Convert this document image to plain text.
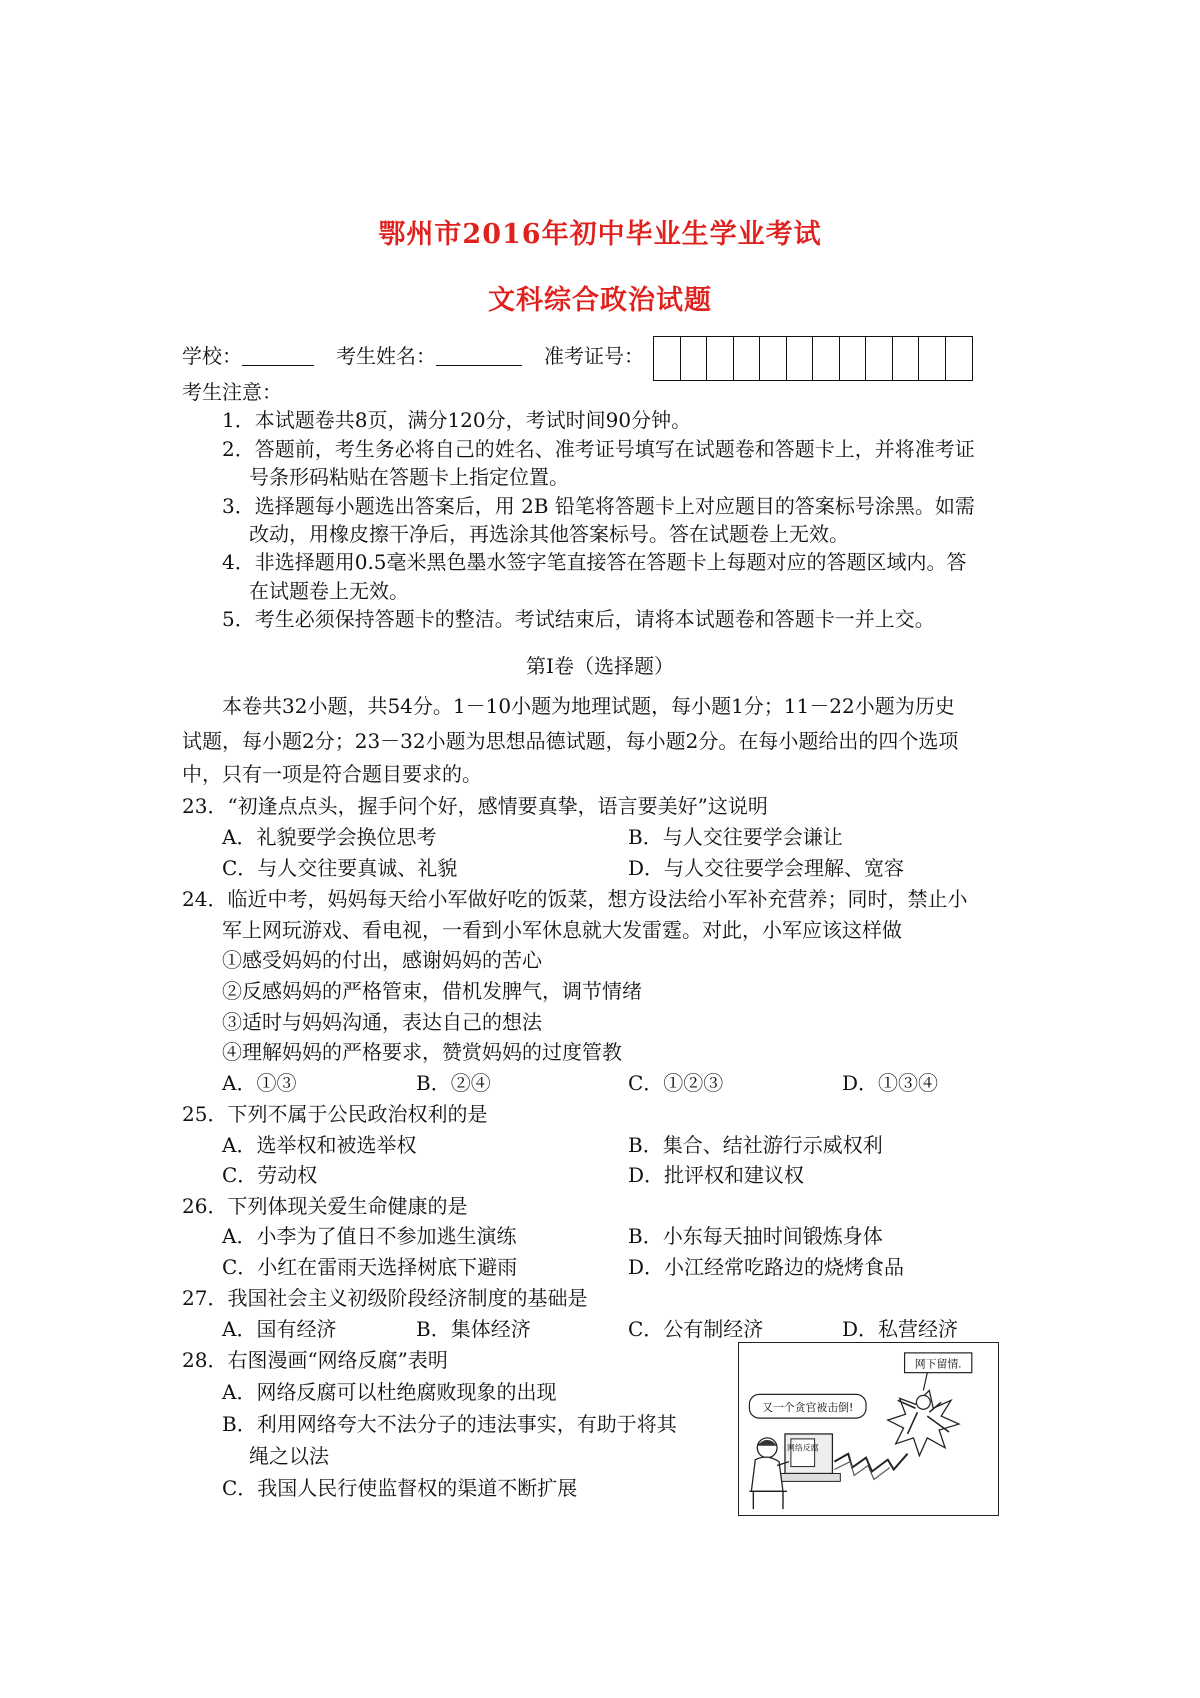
鄂州市2016年初中毕业生学业考试
文科综合政治试题
学校：	考生姓名：	准考证号：
考生注意：
1．本试题卷共8页，满分120分，考试时间90分钟。
2．答题前，考生务必将自己的姓名、准考证号填写在试题卷和答题卡上，并将准考证
号条形码粘贴在答题卡上指定位置。
3．选择题每小题选出答案后，用 2B 铅笔将答题卡上对应题目的答案标号涂黑。如需
改动，用橡皮擦干净后，再选涂其他答案标号。答在试题卷上无效。
4．非选择题用0.5毫米黑色墨水签字笔直接答在答题卡上每题对应的答题区域内。答
在试题卷上无效。
5．考生必须保持答题卡的整洁。考试结束后，请将本试题卷和答题卡一并上交。
第Ⅰ卷（选择题）
本卷共32小题，共54分。1－10小题为地理试题，每小题1分；11－22小题为历史
试题，每小题2分；23－32小题为思想品德试题，每小题2分。在每小题给出的四个选项
中，只有一项是符合题目要求的。
23．“初逢点点头，握手问个好，感情要真挚，语言要美好”这说明
A．礼貌要学会换位思考	B．与人交往要学会谦让
C．与人交往要真诚、礼貌	D．与人交往要学会理解、宽容
24．临近中考，妈妈每天给小军做好吃的饭菜，想方设法给小军补充营养；同时，禁止小
军上网玩游戏、看电视，一看到小军休息就大发雷霆。对此，小军应该这样做
①感受妈妈的付出，感谢妈妈的苦心
②反感妈妈的严格管束，借机发脾气，调节情绪
③适时与妈妈沟通，表达自己的想法
④理解妈妈的严格要求，赞赏妈妈的过度管教
A．①③	B．②④	C．①②③	D．①③④
25．下列不属于公民政治权利的是
A．选举权和被选举权	B．集合、结社游行示威权利
C．劳动权	D．批评权和建议权
26．下列体现关爱生命健康的是
A．小李为了值日不参加逃生演练	B．小东每天抽时间锻炼身体
C．小红在雷雨天选择树底下避雨	D．小江经常吃路边的烧烤食品
27．我国社会主义初级阶段经济制度的基础是
A．国有经济	B．集体经济	C．公有制经济	D．私营经济
28．右图漫画“网络反腐”表明
A．网络反腐可以杜绝腐败现象的出现
B．利用网络夸大不法分子的违法事实，有助于将其
绳之以法
C．我国人民行使监督权的渠道不断扩展
又一个贪官被击倒!
网下留情.
网络反腐
